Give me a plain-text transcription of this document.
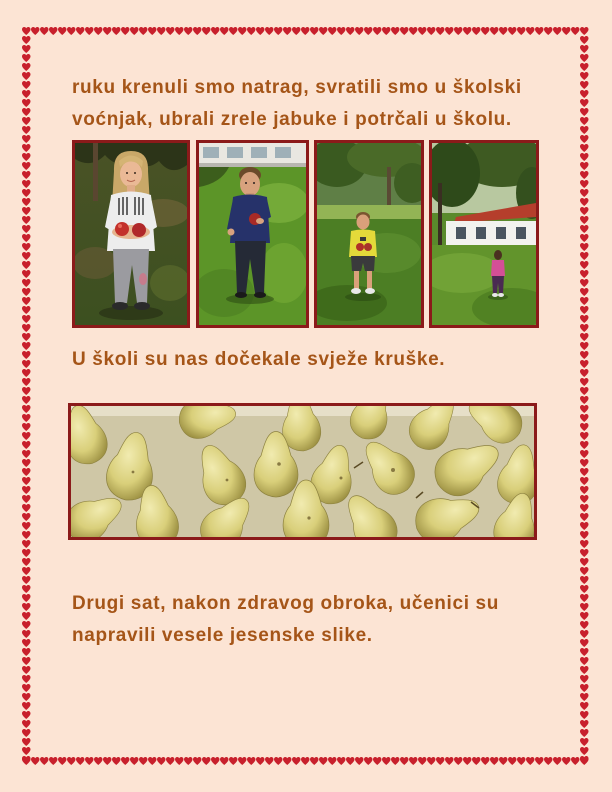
ruku krenuli smo natrag, svratili smo u školski
voćnjak, ubrali zrele jabuke i potrčali u školu.
U školi su nas dočekale svježe kruške.
Drugi sat, nakon zdravog obroka, učenici su
napravili vesele jesenske slike.
